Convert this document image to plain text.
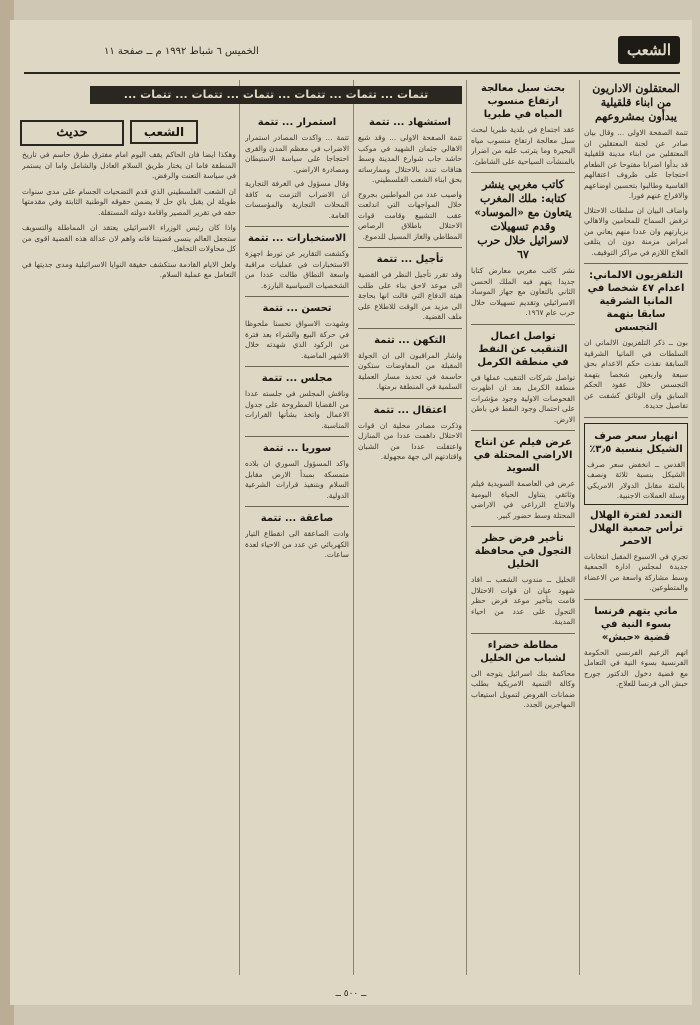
الشعب
الخميس ٦ شباط ١٩٩٢ م ــ صفحة ١١
المعتقلون الاداريون من ابناء قلقيلية يبدأون بمشروعهم
تتمة الصفحة الاولى ... وقال بيان صادر عن لجنة المعتقلين ان المعتقلين من ابناء مدينة قلقيلية قد بدأوا اضرابا مفتوحا عن الطعام احتجاجا على ظروف اعتقالهم القاسية وطالبوا بتحسين اوضاعهم والافراج عنهم فورا.
واضاف البيان ان سلطات الاحتلال ترفض السماح للمحامين والاهالي بزيارتهم وان عددا منهم يعاني من امراض مزمنة دون ان يتلقى العلاج اللازم في مراكز التوقيف.
التلفزيون الالماني: اعدام ٤٧ شخصا في المانيا الشرقية سابقا بتهمة التجسس
بون ــ ذكر التلفزيون الالماني ان السلطات في المانيا الشرقية السابقة نفذت حكم الاعدام بحق سبعة واربعين شخصا بتهمة التجسس خلال عقود الحكم السابق وان الوثائق كشفت عن تفاصيل جديدة.
انهيار سعر صرف الشيكل بنسبة ٣٫٥٪
القدس ــ انخفض سعر صرف الشيكل بنسبة ثلاثة ونصف بالمئة مقابل الدولار الامريكي وسلة العملات الاجنبية.
التعدد لفترة الهلال ترأس جمعية الهلال الاحمر
تجري في الاسبوع المقبل انتخابات جديدة لمجلس ادارة الجمعية وسط مشاركة واسعة من الاعضاء والمتطوعين.
ماني يتهم فرنسا بسوء النية في قضية «حبش»
اتهم الزعيم الفرنسي الحكومة الفرنسية بسوء النية في التعامل مع قضية دخول الدكتور جورج حبش الى فرنسا للعلاج.
بحث سبل معالجة ارتفاع منسوب المياه في طبريا
عقد اجتماع في بلدية طبريا لبحث سبل معالجة ارتفاع منسوب مياه البحيرة وما يترتب عليه من اضرار بالمنشآت السياحية على الشاطئ.
كاتب مغربي ينشر كتابه: ملك المغرب يتعاون مع «الموساد» وقدم تسهيلات لاسرائيل خلال حرب ٦٧
نشر كاتب مغربي معارض كتابا جديدا يتهم فيه الملك الحسن الثاني بالتعاون مع جهاز الموساد الاسرائيلي وتقديم تسهيلات خلال حرب عام ١٩٦٧.
تواصل اعمال التنقيب عن النفط في منطقة الكرمل
تواصل شركات التنقيب عملها في منطقة الكرمل بعد ان اظهرت الفحوصات الاولية وجود مؤشرات على احتمال وجود النفط في باطن الارض.
عرض فيلم عن انتاج الاراضي المحتلة في السويد
عرض في العاصمة السويدية فيلم وثائقي يتناول الحياة اليومية والانتاج الزراعي في الاراضي المحتلة وسط حضور كبير.
تأخير فرض حظر التجول في محافظة الخليل
الخليل ــ مندوب الشعب ــ افاد شهود عيان ان قوات الاحتلال قامت بتأخير موعد فرض حظر التجول على عدد من احياء المدينة.
مطاطة خضراء لشباب من الخليل
محاكمة بنك اسرائيل يتوجه الى وكالة التنمية الامريكية بطلب ضمانات القروض لتمويل استيعاب المهاجرين الجدد.
تتمات ... تتمات ... تتمات ... تتمات ... تتمات ... تتمات ...
استشهاد ... تتمة
تتمة الصفحة الاولى ... وقد شيع الاهالي جثمان الشهيد في موكب حاشد جاب شوارع المدينة وسط هتافات تندد بالاحتلال وممارساته بحق ابناء الشعب الفلسطيني.
واصيب عدد من المواطنين بجروح خلال المواجهات التي اندلعت عقب التشييع وقامت قوات الاحتلال باطلاق الرصاص المطاطي والغاز المسيل للدموع.
تأجيل ... تتمة
وقد تقرر تأجيل النظر في القضية الى موعد لاحق بناء على طلب هيئة الدفاع التي قالت انها بحاجة الى مزيد من الوقت للاطلاع على ملف القضية.
التكهن ... تتمة
واشار المراقبون الى ان الجولة المقبلة من المفاوضات ستكون حاسمة في تحديد مسار العملية السلمية في المنطقة برمتها.
اعتقال ... تتمة
وذكرت مصادر محلية ان قوات الاحتلال داهمت عددا من المنازل واعتقلت عددا من الشبان واقتادتهم الى جهة مجهولة.
استمرار ... تتمة
تتمة ... واكدت المصادر استمرار الاضراب في معظم المدن والقرى احتجاجا على سياسة الاستيطان ومصادرة الاراضي.
وقال مسؤول في الغرفة التجارية ان الاضراب التزمت به كافة المحلات التجارية والمؤسسات العامة.
الاستخبارات ... تتمة
وكشفت التقارير عن تورط اجهزة الاستخبارات في عمليات مراقبة واسعة النطاق طالت عددا من الشخصيات السياسية البارزة.
تحسن ... تتمة
وشهدت الاسواق تحسنا ملحوظا في حركة البيع والشراء بعد فترة من الركود الذي شهدته خلال الاشهر الماضية.
مجلس ... تتمة
وناقش المجلس في جلسته عددا من القضايا المطروحة على جدول الاعمال واتخذ بشأنها القرارات المناسبة.
سوريا ... تتمة
واكد المسؤول السوري ان بلاده متمسكة بمبدأ الارض مقابل السلام وبتنفيذ قرارات الشرعية الدولية.
صاعقة ... تتمة
وادت الصاعقة الى انقطاع التيار الكهربائي عن عدد من الاحياء لعدة ساعات.
وهكذا ايضا فان الحاكم يقف اليوم امام مفترق طرق حاسم في تاريخ المنطقة فاما ان يختار طريق السلام العادل والشامل واما ان يستمر في سياسة التعنت والرفض.
ان الشعب الفلسطيني الذي قدم التضحيات الجسام على مدى سنوات طويلة لن يقبل باي حل لا يضمن حقوقه الوطنية الثابتة وفي مقدمتها حقه في تقرير المصير واقامة دولته المستقلة.
واذا كان رئيس الوزراء الاسرائيلي يعتقد ان المماطلة والتسويف ستجعل العالم ينسى قضيتنا فانه واهم لان عدالة هذه القضية اقوى من كل محاولات التجاهل.
ولعل الايام القادمة ستكشف حقيقة النوايا الاسرائيلية ومدى جديتها في التعامل مع عملية السلام.
الشعب
حديث
ــ ٥٠٠ ــ
